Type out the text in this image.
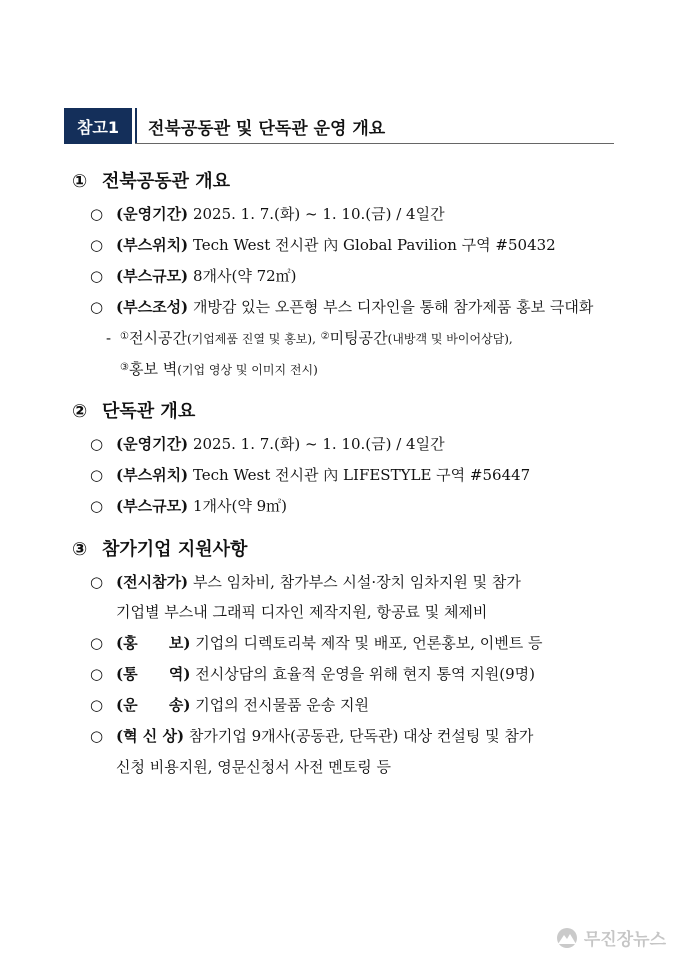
참고1	전북공동관 및 단독관 운영 개요
① 전북공동관 개요
○ (운영기간) 2025. 1. 7.(화) ~ 1. 10.(금) / 4일간
○ (부스위치) Tech West 전시관 內 Global Pavilion 구역 #50432
○ (부스규모) 8개사(약 72㎡)
○ (부스조성) 개방감 있는 오픈형 부스 디자인을 통해 참가제품 홍보 극대화
- ①전시공간(기업제품 진열 및 홍보), ②미팅공간(내방객 및 바이어상담),
③홍보 벽(기업 영상 및 이미지 전시)
② 단독관 개요
○ (운영기간) 2025. 1. 7.(화) ~ 1. 10.(금) / 4일간
○ (부스위치) Tech West 전시관 內 LIFESTYLE 구역 #56447
○ (부스규모) 1개사(약 9㎡)
③ 참가기업 지원사항
○ (전시참가) 부스 임차비, 참가부스 시설·장치 임차지원 및 참가
기업별 부스내 그래픽 디자인 제작지원, 항공료 및 체제비
○ (홍      보) 기업의 디렉토리북 제작 및 배포, 언론홍보, 이벤트 등
○ (통      역) 전시상담의 효율적 운영을 위해 현지 통역 지원(9명)
○ (운      송) 기업의 전시물품 운송 지원
○ (혁 신 상) 참가기업 9개사(공동관, 단독관) 대상 컨설팅 및 참가
신청 비용지원, 영문신청서 사전 멘토링 등
무진장뉴스
